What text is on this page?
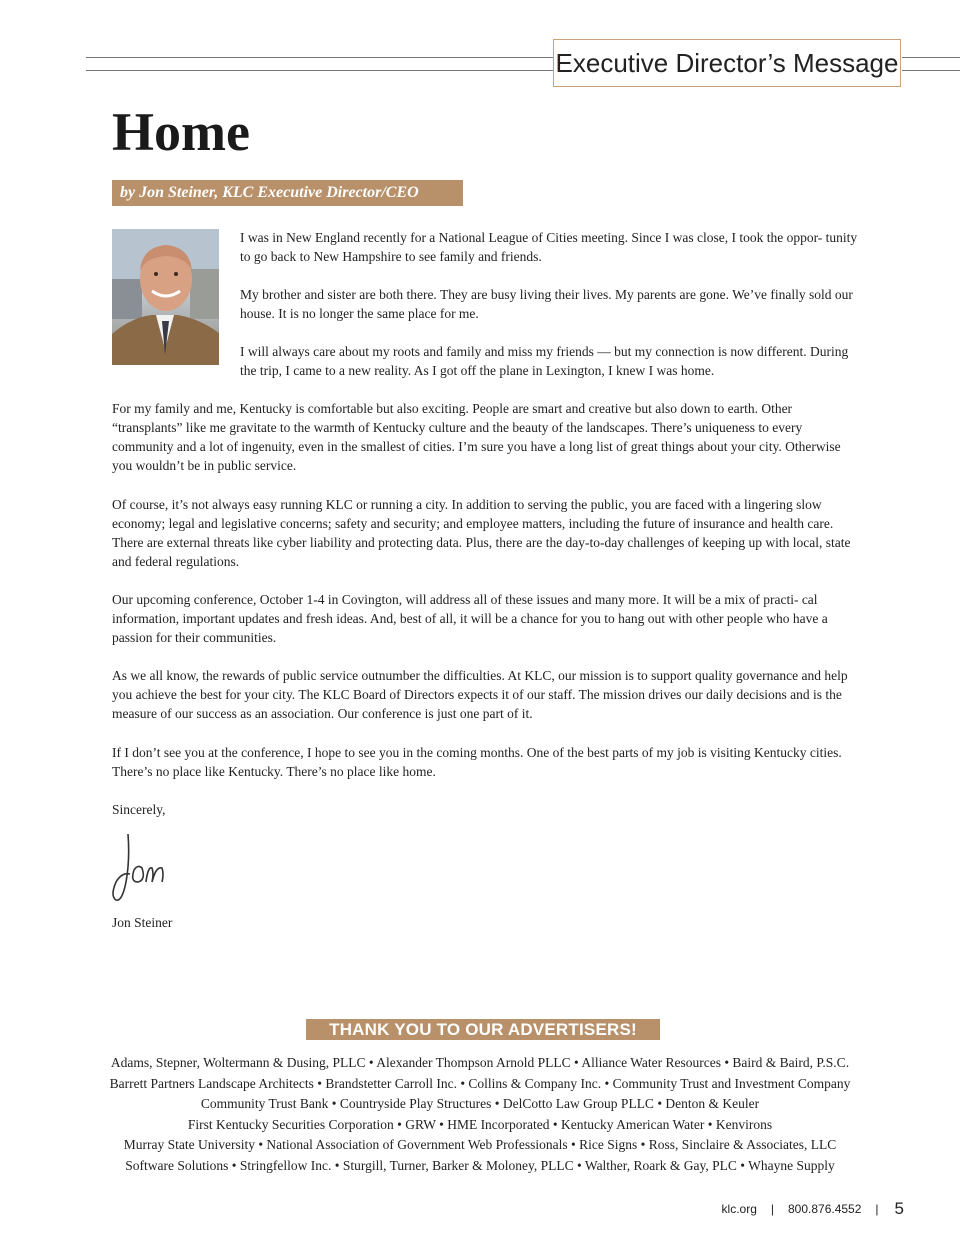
Executive Director’s Message
Home
by Jon Steiner, KLC Executive Director/CEO

I was in New England recently for a National League of Cities meeting. Since I was close, I took the oppor- tunity to go back to New Hampshire to see family and friends.

My brother and sister are both there. They are busy living their lives. My parents are gone. We’ve finally sold our house. It is no longer the same place for me.

I will always care about my roots and family and miss my friends — but my connection is now different. During the trip, I came to a new reality. As I got off the plane in Lexington, I knew I was home.

For my family and me, Kentucky is comfortable but also exciting. People are smart and creative but also down to earth. Other “transplants” like me gravitate to the warmth of Kentucky culture and the beauty of the landscapes. There’s uniqueness to every community and a lot of ingenuity, even in the smallest of cities. I’m sure you have a long list of great things about your city. Otherwise you wouldn’t be in public service.

Of course, it’s not always easy running KLC or running a city. In addition to serving the public, you are faced with a lingering slow economy; legal and legislative concerns; safety and security; and employee matters, including the future of insurance and health care. There are external threats like cyber liability and protecting data. Plus, there are the day-to-day challenges of keeping up with local, state and federal regulations.

Our upcoming conference, October 1-4 in Covington, will address all of these issues and many more. It will be a mix of practi- cal information, important updates and fresh ideas. And, best of all, it will be a chance for you to hang out with other people who have a passion for their communities.

As we all know, the rewards of public service outnumber the difficulties. At KLC, our mission is to support quality governance and help you achieve the best for your city. The KLC Board of Directors expects it of our staff. The mission drives our daily decisions and is the measure of our success as an association. Our conference is just one part of it.

If I don’t see you at the conference, I hope to see you in the coming months. One of the best parts of my job is visiting Kentucky cities. There’s no place like Kentucky. There’s no place like home.

Sincerely,

Jon Steiner
THANK YOU TO OUR ADVERTISERS!
Adams, Stepner, Woltermann & Dusing, PLLC • Alexander Thompson Arnold PLLC • Alliance Water Resources • Baird & Baird, P.S.C.
Barrett Partners Landscape Architects • Brandstetter Carroll Inc. • Collins & Company Inc. • Community Trust and Investment Company
Community Trust Bank • Countryside Play Structures • DelCotto Law Group PLLC • Denton & Keuler
First Kentucky Securities Corporation • GRW • HME Incorporated • Kentucky American Water • Kenvirons
Murray State University • National Association of Government Web Professionals • Rice Signs • Ross, Sinclaire & Associates, LLC
Software Solutions • Stringfellow Inc. • Sturgill, Turner, Barker & Moloney, PLLC • Walther, Roark & Gay, PLC • Whayne Supply
klc.org | 800.876.4552 | 5
